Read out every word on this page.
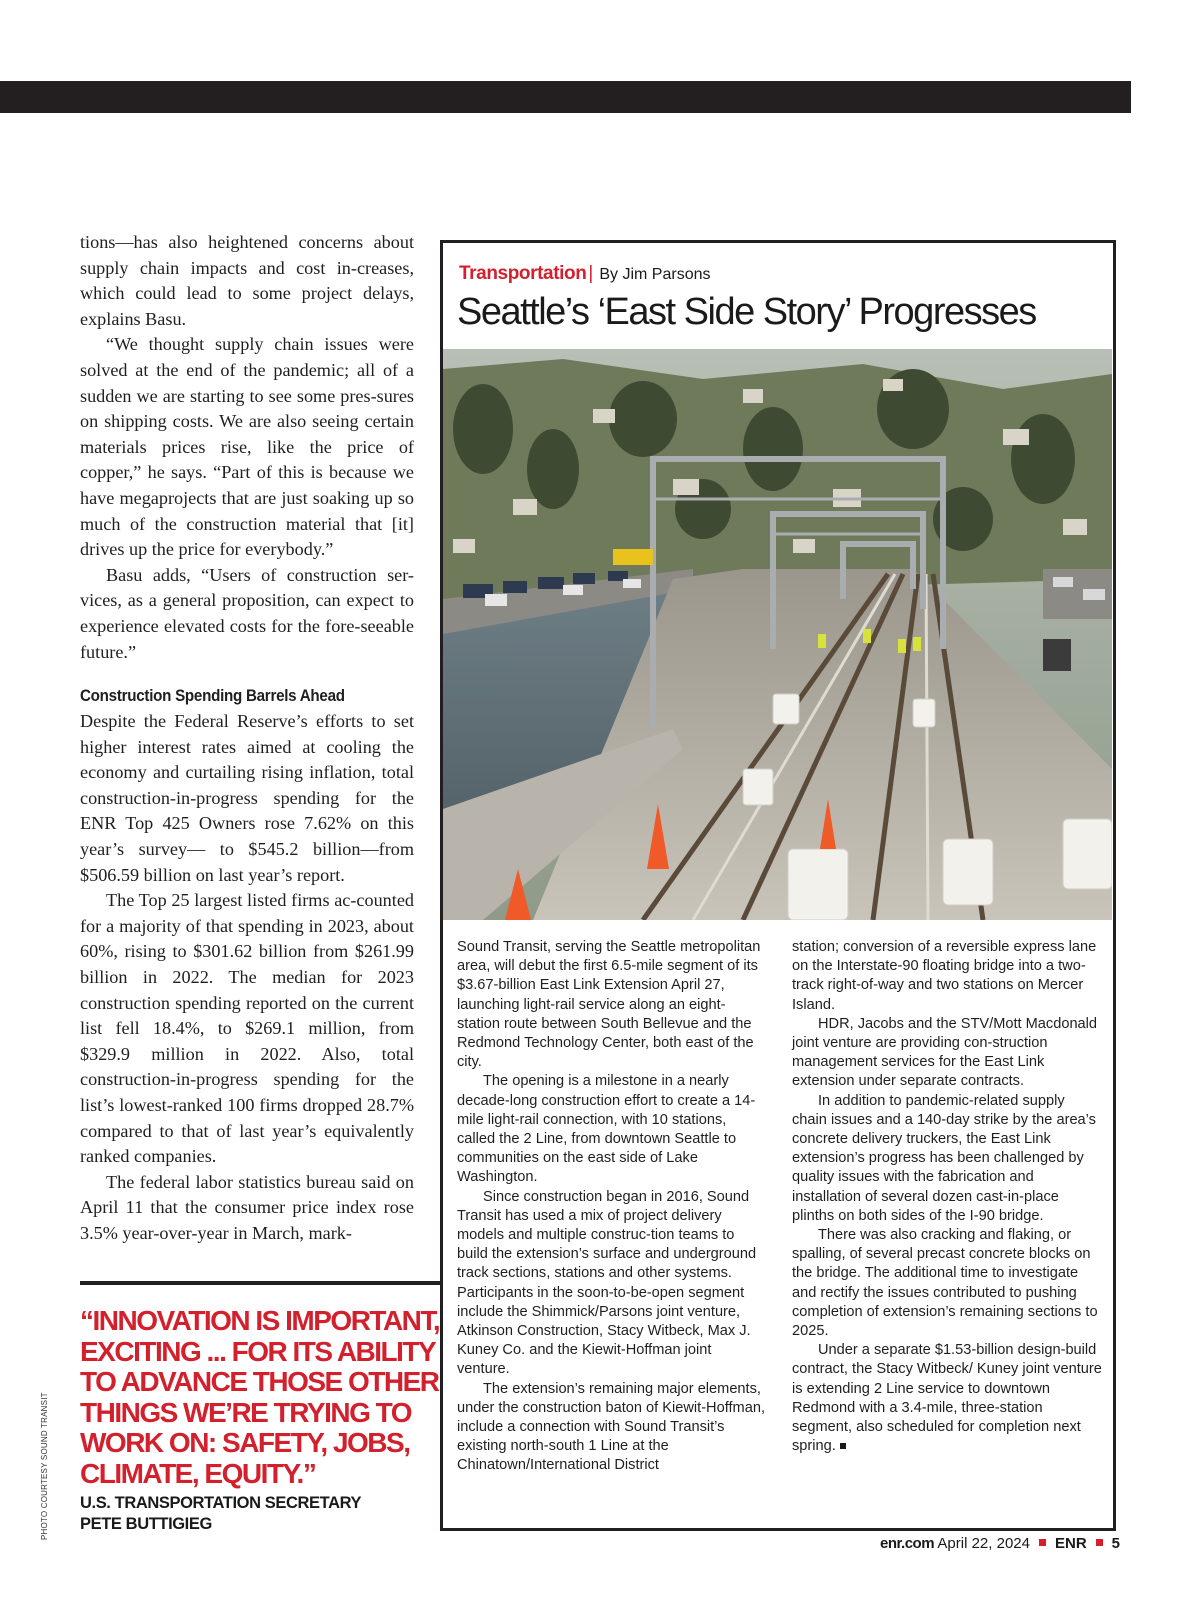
tions—has also heightened concerns about supply chain impacts and cost in-creases, which could lead to some project delays, explains Basu.

“We thought supply chain issues were solved at the end of the pandemic; all of a sudden we are starting to see some pres-sures on shipping costs. We are also seeing certain materials prices rise, like the price of copper,” he says. “Part of this is because we have megaprojects that are just soaking up so much of the construction material that [it] drives up the price for everybody.”

Basu adds, “Users of construction ser-vices, as a general proposition, can expect to experience elevated costs for the fore-seeable future.”

Construction Spending Barrels Ahead

Despite the Federal Reserve’s efforts to set higher interest rates aimed at cooling the economy and curtailing rising inflation, total construction-in-progress spending for the ENR Top 425 Owners rose 7.62% on this year’s survey— to $545.2 billion—from $506.59 billion on last year’s report.

The Top 25 largest listed firms ac-counted for a majority of that spending in 2023, about 60%, rising to $301.62 billion from $261.99 billion in 2022. The median for 2023 construction spending reported on the current list fell 18.4%, to $269.1 million, from $329.9 million in 2022. Also, total construction-in-progress spending for the list’s lowest-ranked 100 firms dropped 28.7% compared to that of last year’s equivalently ranked companies.

The federal labor statistics bureau said on April 11 that the consumer price index rose 3.5% year-over-year in March, mark-

“INNOVATION IS IMPORTANT, EXCITING ... FOR ITS ABILITY TO ADVANCE THOSE OTHER THINGS WE’RE TRYING TO WORK ON: SAFETY, JOBS, CLIMATE, EQUITY.”
U.S. TRANSPORTATION SECRETARY
PETE BUTTIGIEG
PHOTO COURTESY SOUND TRANSIT
Transportation | By Jim Parsons
Seattle’s ‘East Side Story’ Progresses

Sound Transit, serving the Seattle metropolitan area, will debut the first 6.5-mile segment of its $3.67-billion East Link Extension April 27, launching light-rail service along an eight-station route between South Bellevue and the Redmond Technology Center, both east of the city.

The opening is a milestone in a nearly decade-long construction effort to create a 14-mile light-rail connection, with 10 stations, called the 2 Line, from downtown Seattle to communities on the east side of Lake Washington.

Since construction began in 2016, Sound Transit has used a mix of project delivery models and multiple construc-tion teams to build the extension’s surface and underground track sections, stations and other systems. Participants in the soon-to-be-open segment include the Shimmick/Parsons joint venture, Atkinson Construction, Stacy Witbeck, Max J. Kuney Co. and the Kiewit-Hoffman joint venture.

The extension’s remaining major elements, under the construction baton of Kiewit-Hoffman, include a connection with Sound Transit’s existing north-south 1 Line at the Chinatown/International District

station; conversion of a reversible express lane on the Interstate-90 floating bridge into a two-track right-of-way and two stations on Mercer Island.

HDR, Jacobs and the STV/Mott Macdonald joint venture are providing con-struction management services for the East Link extension under separate contracts.

In addition to pandemic-related supply chain issues and a 140-day strike by the area’s concrete delivery truckers, the East Link extension’s progress has been challenged by quality issues with the fabrication and installation of several dozen cast-in-place plinths on both sides of the I-90 bridge.

There was also cracking and flaking, or spalling, of several precast concrete blocks on the bridge. The additional time to investigate and rectify the issues contributed to pushing completion of extension’s remaining sections to 2025.

Under a separate $1.53-billion design-build contract, the Stacy Witbeck/ Kuney joint venture is extending 2 Line service to downtown Redmond with a 3.4-mile, three-station segment, also scheduled for completion next spring.

enr.com April 22, 2024 ENR 5
